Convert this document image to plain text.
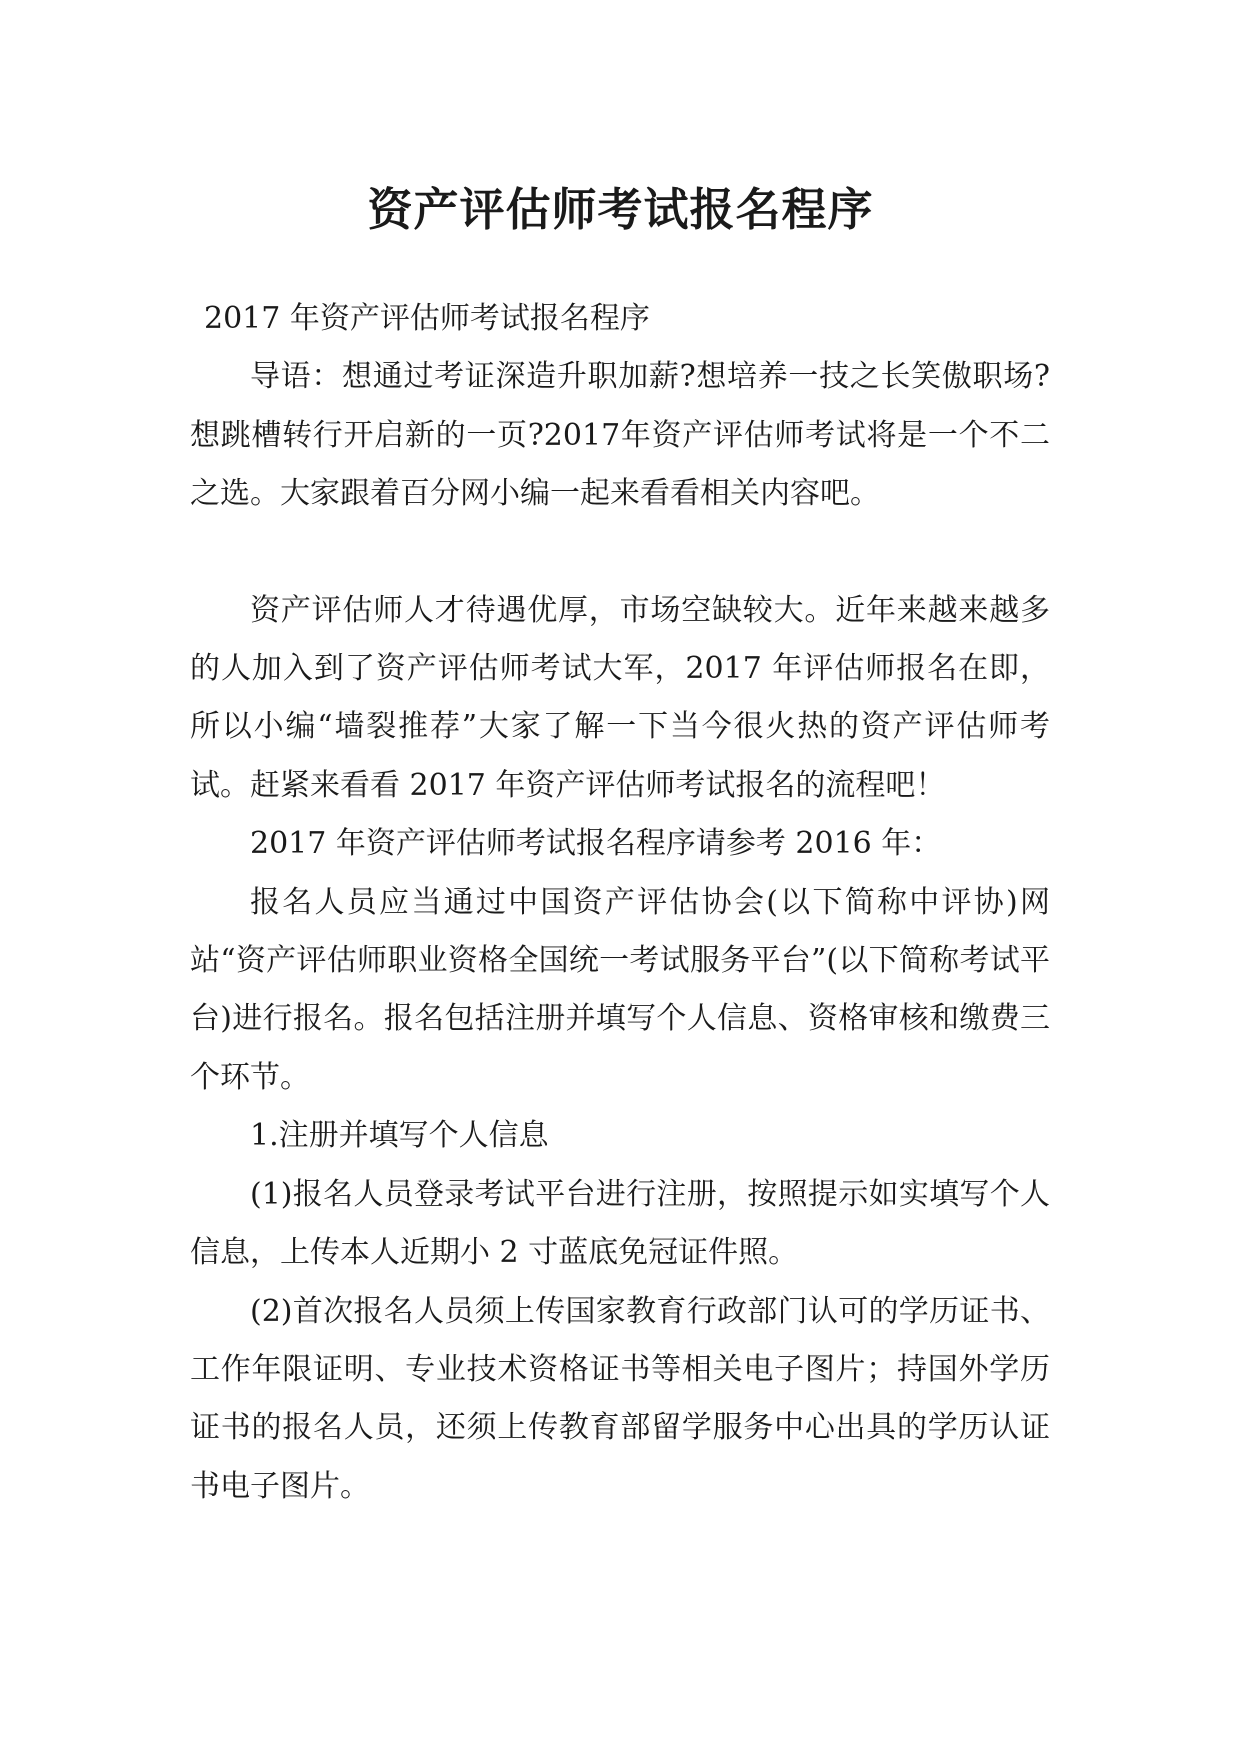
资产评估师考试报名程序

2017 年资产评估师考试报名程序

导语：想通过考证深造升职加薪?想培养一技之长笑傲职场?想跳槽转行开启新的一页?2017年资产评估师考试将是一个不二之选。大家跟着百分网小编一起来看看相关内容吧。

资产评估师人才待遇优厚，市场空缺较大。近年来越来越多的人加入到了资产评估师考试大军，2017 年评估师报名在即，所以小编“墙裂推荐”大家了解一下当今很火热的资产评估师考试。赶紧来看看 2017 年资产评估师考试报名的流程吧！

2017 年资产评估师考试报名程序请参考 2016 年：

报名人员应当通过中国资产评估协会(以下简称中评协)网站“资产评估师职业资格全国统一考试服务平台”(以下简称考试平台)进行报名。报名包括注册并填写个人信息、资格审核和缴费三个环节。

1.注册并填写个人信息

(1)报名人员登录考试平台进行注册，按照提示如实填写个人信息，上传本人近期小 2 寸蓝底免冠证件照。

(2)首次报名人员须上传国家教育行政部门认可的学历证书、工作年限证明、专业技术资格证书等相关电子图片；持国外学历证书的报名人员，还须上传教育部留学服务中心出具的学历认证书电子图片。
